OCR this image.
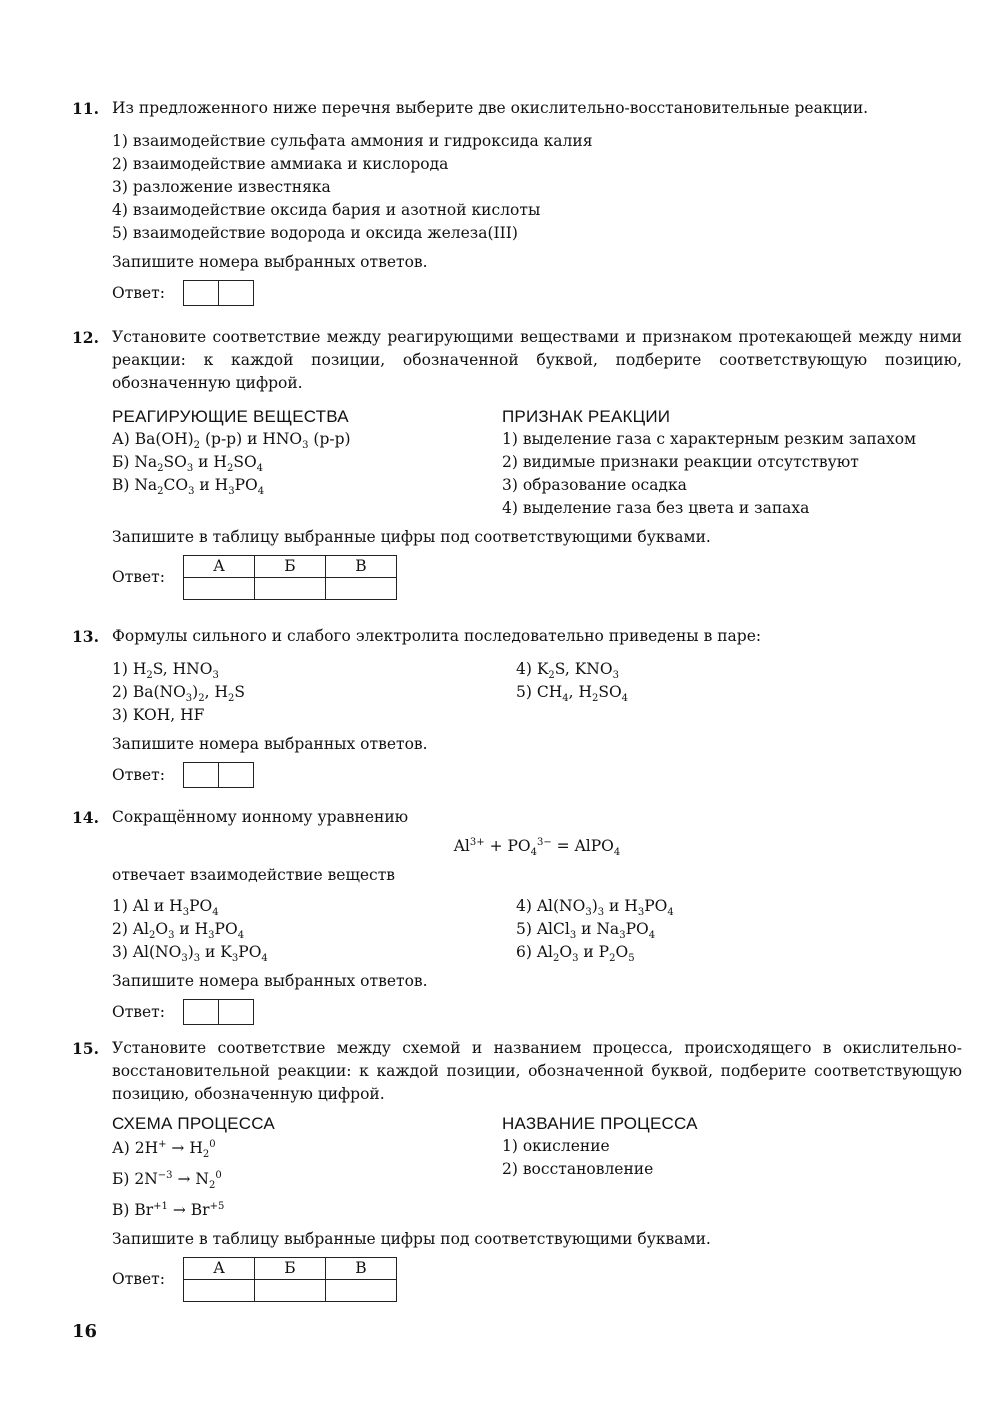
11. Из предложенного ниже перечня выберите две окислительно-восстановительные реакции.
1) взаимодействие сульфата аммония и гидроксида калия
2) взаимодействие аммиака и кислорода
3) разложение известняка
4) взаимодействие оксида бария и азотной кислоты
5) взаимодействие водорода и оксида железа(III)
Запишите номера выбранных ответов.
Ответ:
12. Установите соответствие между реагирующими веществами и признаком протекающей между ними реакции: к каждой позиции, обозначенной буквой, подберите соответствующую позицию, обозначенную цифрой.
РЕАГИРУЮЩИЕ ВЕЩЕСТВА
А) $Ba(OH)_2$ (р-р) и $HNO_3$ (р-р)
Б) $Na_2SO_3$ и $H_2SO_4$
В) $Na_2CO_3$ и $H_3PO_4$
ПРИЗНАК РЕАКЦИИ
1) выделение газа с характерным резким запахом
2) видимые признаки реакции отсутствуют
3) образование осадка
4) выделение газа без цвета и запаха
Запишите в таблицу выбранные цифры под соответствующими буквами.
Ответ:
А	Б	В

13. Формулы сильного и слабого электролита последовательно приведены в паре:
1) $H_2S$, $HNO_3$
2) $Ba(NO_3)_2$, $H_2S$
3) KOH, HF
4) $K_2S$, $KNO_3$
5) $CH_4$, $H_2SO_4$
Запишите номера выбранных ответов.
Ответ:
14. Сокращённому ионному уравнению
$Al^{3+} + PO_4^{3-}$ = AlPO$_4$
отвечает взаимодействие веществ
1) Al и $H_3PO_4$
2) $Al_2O_3$ и $H_3PO_4$
3) $Al(NO_3)_3$ и $K_3PO_4$
4) $Al(NO_3)_3$ и $H_3PO_4$
5) AlCl$_3$ и $Na_3PO_4$
6) $Al_2O_3$ и $P_2O_5$
Запишите номера выбранных ответов.
Ответ:
15. Установите соответствие между схемой и названием процесса, происходящего в окислительно-восстановительной реакции: к каждой позиции, обозначенной буквой, подберите соответствующую позицию, обозначенную цифрой.
СХЕМА ПРОЦЕССА
А) $2H^+ \to H_2^0$
Б) $2N^{-3} \to N_2^0$
В) $Br^{+1} \to Br^{+5}$
НАЗВАНИЕ ПРОЦЕССА
1) окисление
2) восстановление
Запишите в таблицу выбранные цифры под соответствующими буквами.
Ответ:
А	Б	В

16
